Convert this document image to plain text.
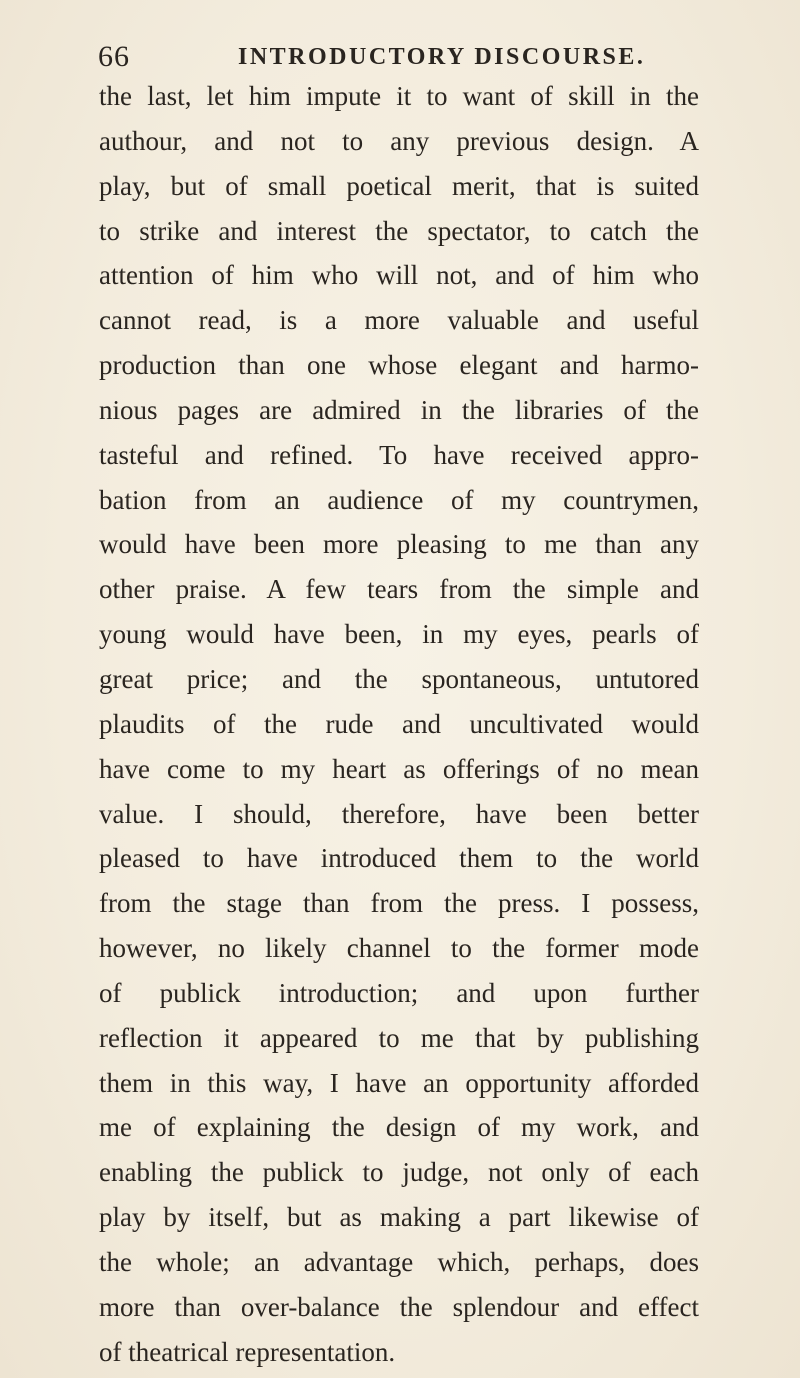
66	INTRODUCTORY DISCOURSE.
the last, let him impute it to want of skill in the
authour, and not to any previous design. A
play, but of small poetical merit, that is suited
to strike and interest the spectator, to catch the
attention of him who will not, and of him who
cannot read, is a more valuable and useful
production than one whose elegant and harmo-
nious pages are admired in the libraries of the
tasteful and refined. To have received appro-
bation from an audience of my countrymen,
would have been more pleasing to me than any
other praise. A few tears from the simple and
young would have been, in my eyes, pearls of
great price; and the spontaneous, untutored
plaudits of the rude and uncultivated would
have come to my heart as offerings of no mean
value. I should, therefore, have been better
pleased to have introduced them to the world
from the stage than from the press. I possess,
however, no likely channel to the former mode
of publick introduction; and upon further
reflection it appeared to me that by publishing
them in this way, I have an opportunity afforded
me of explaining the design of my work, and
enabling the publick to judge, not only of each
play by itself, but as making a part likewise of
the whole; an advantage which, perhaps, does
more than over-balance the splendour and effect
of theatrical representation.
